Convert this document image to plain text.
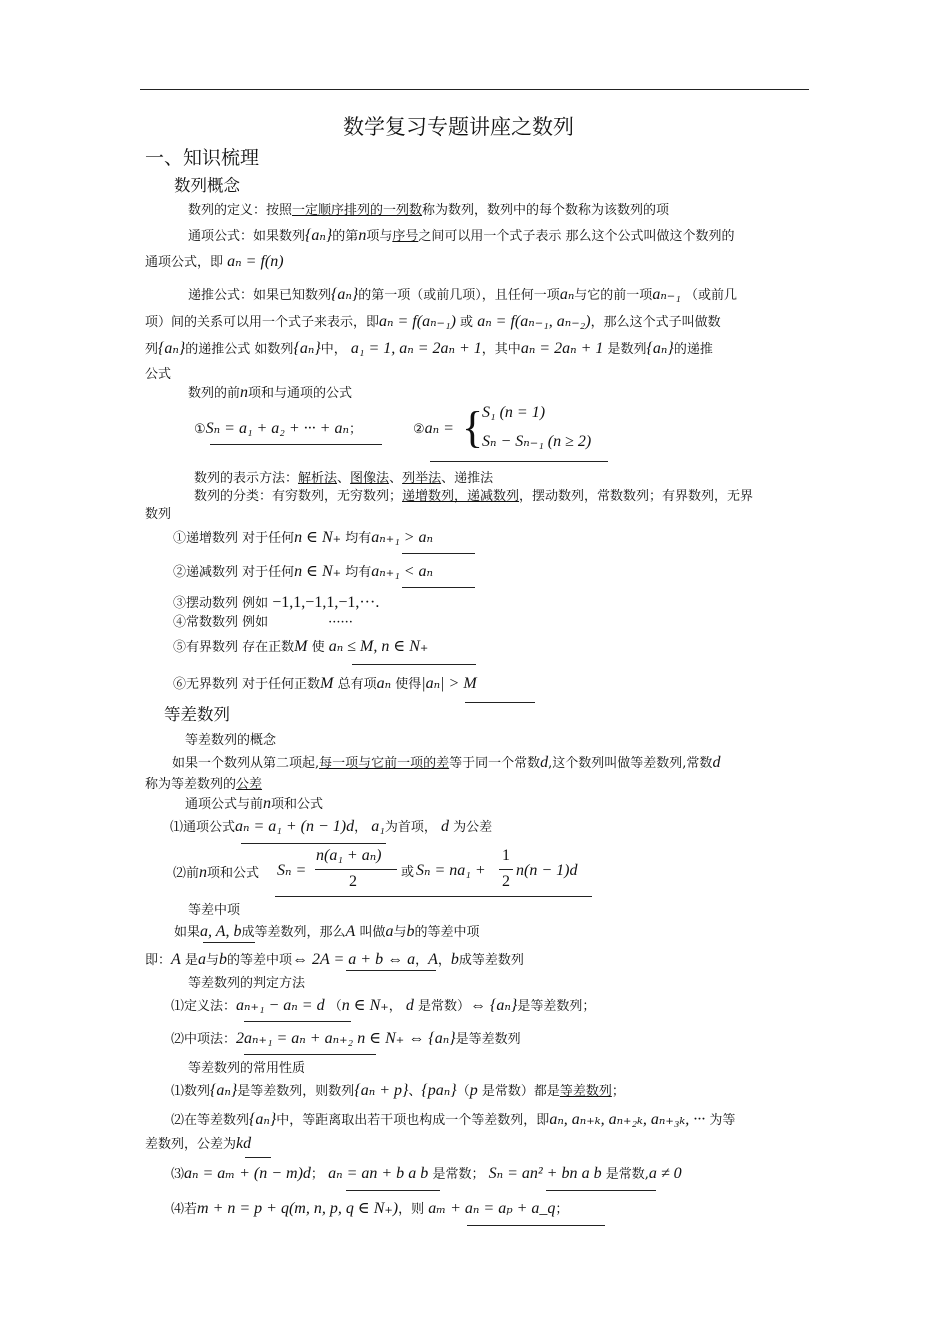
数学复习专题讲座之数列
一、知识梳理
数列概念
数列的定义：按照一定顺序排列的一列数称为数列，数列中的每个数称为该数列的项
通项公式：如果数列{aₙ}的第n项与序号之间可以用一个式子表示 那么这个公式叫做这个数列的
通项公式，即 aₙ = f(n)
递推公式：如果已知数列{aₙ}的第一项（或前几项），且任何一项aₙ与它的前一项aₙ₋₁ （或前几
项）间的关系可以用一个式子来表示，即aₙ = f(aₙ₋₁) 或 aₙ = f(aₙ₋₁, aₙ₋₂)，那么这个式子叫做数
列{aₙ}的递推公式 如数列{aₙ}中， a₁ = 1, aₙ = 2aₙ + 1，其中aₙ = 2aₙ + 1 是数列{aₙ}的递推
公式
数列的前n项和与通项的公式
①Sₙ = a₁ + a₂ + ··· + aₙ；	②aₙ = {
S₁ (n = 1)
Sₙ − Sₙ₋₁ (n ≥ 2)
数列的表示方法：解析法、图像法、列举法、递推法
数列的分类：有穷数列，无穷数列；递增数列，递减数列，摆动数列，常数数列；有界数列，无界
数列
①递增数列 对于任何n ∈ N₊ 均有aₙ₊₁ > aₙ
②递减数列 对于任何n ∈ N₊ 均有aₙ₊₁ < aₙ
③摆动数列 例如 −1,1,−1,1,−1,···.
④常数数列 例如	······
⑤有界数列 存在正数M 使 aₙ ≤ M, n ∈ N₊
⑥无界数列 对于任何正数M 总有项aₙ 使得|aₙ| > M
等差数列
等差数列的概念
如果一个数列从第二项起,每一项与它前一项的差等于同一个常数d,这个数列叫做等差数列,常数d
称为等差数列的公差
通项公式与前n项和公式
⑴通项公式aₙ = a₁ + (n − 1)d， a₁为首项， d 为公差
⑵前n项和公式 Sₙ =
n(a₁ + aₙ)
2
或 Sₙ = na₁ +
1
2
n(n − 1)d
等差中项
如果a, A, b成等差数列，那么A 叫做a与b的等差中项
即：A 是a与b的等差中项⇔ 2A = a + b ⇔ a，A，b成等差数列
等差数列的判定方法
⑴定义法：aₙ₊₁ − aₙ = d （n ∈ N₊， d 是常数）⇔ {aₙ}是等差数列；
⑵中项法：2aₙ₊₁ = aₙ + aₙ₊₂ n ∈ N₊ ⇔ {aₙ}是等差数列
等差数列的常用性质
⑴数列{aₙ}是等差数列，则数列{aₙ + p}、{paₙ}（p 是常数）都是等差数列；
⑵在等差数列{aₙ}中，等距离取出若干项也构成一个等差数列，即aₙ, aₙ₊ₖ, aₙ₊₂ₖ, aₙ₊₃ₖ, ··· 为等
差数列，公差为kd
⑶aₙ = aₘ + (n − m)d； aₙ = an + b a b 是常数； Sₙ = an² + bn a b 是常数,a ≠ 0
⑷若m + n = p + q(m, n, p, q ∈ N₊)，则 aₘ + aₙ = aₚ + a_q；
